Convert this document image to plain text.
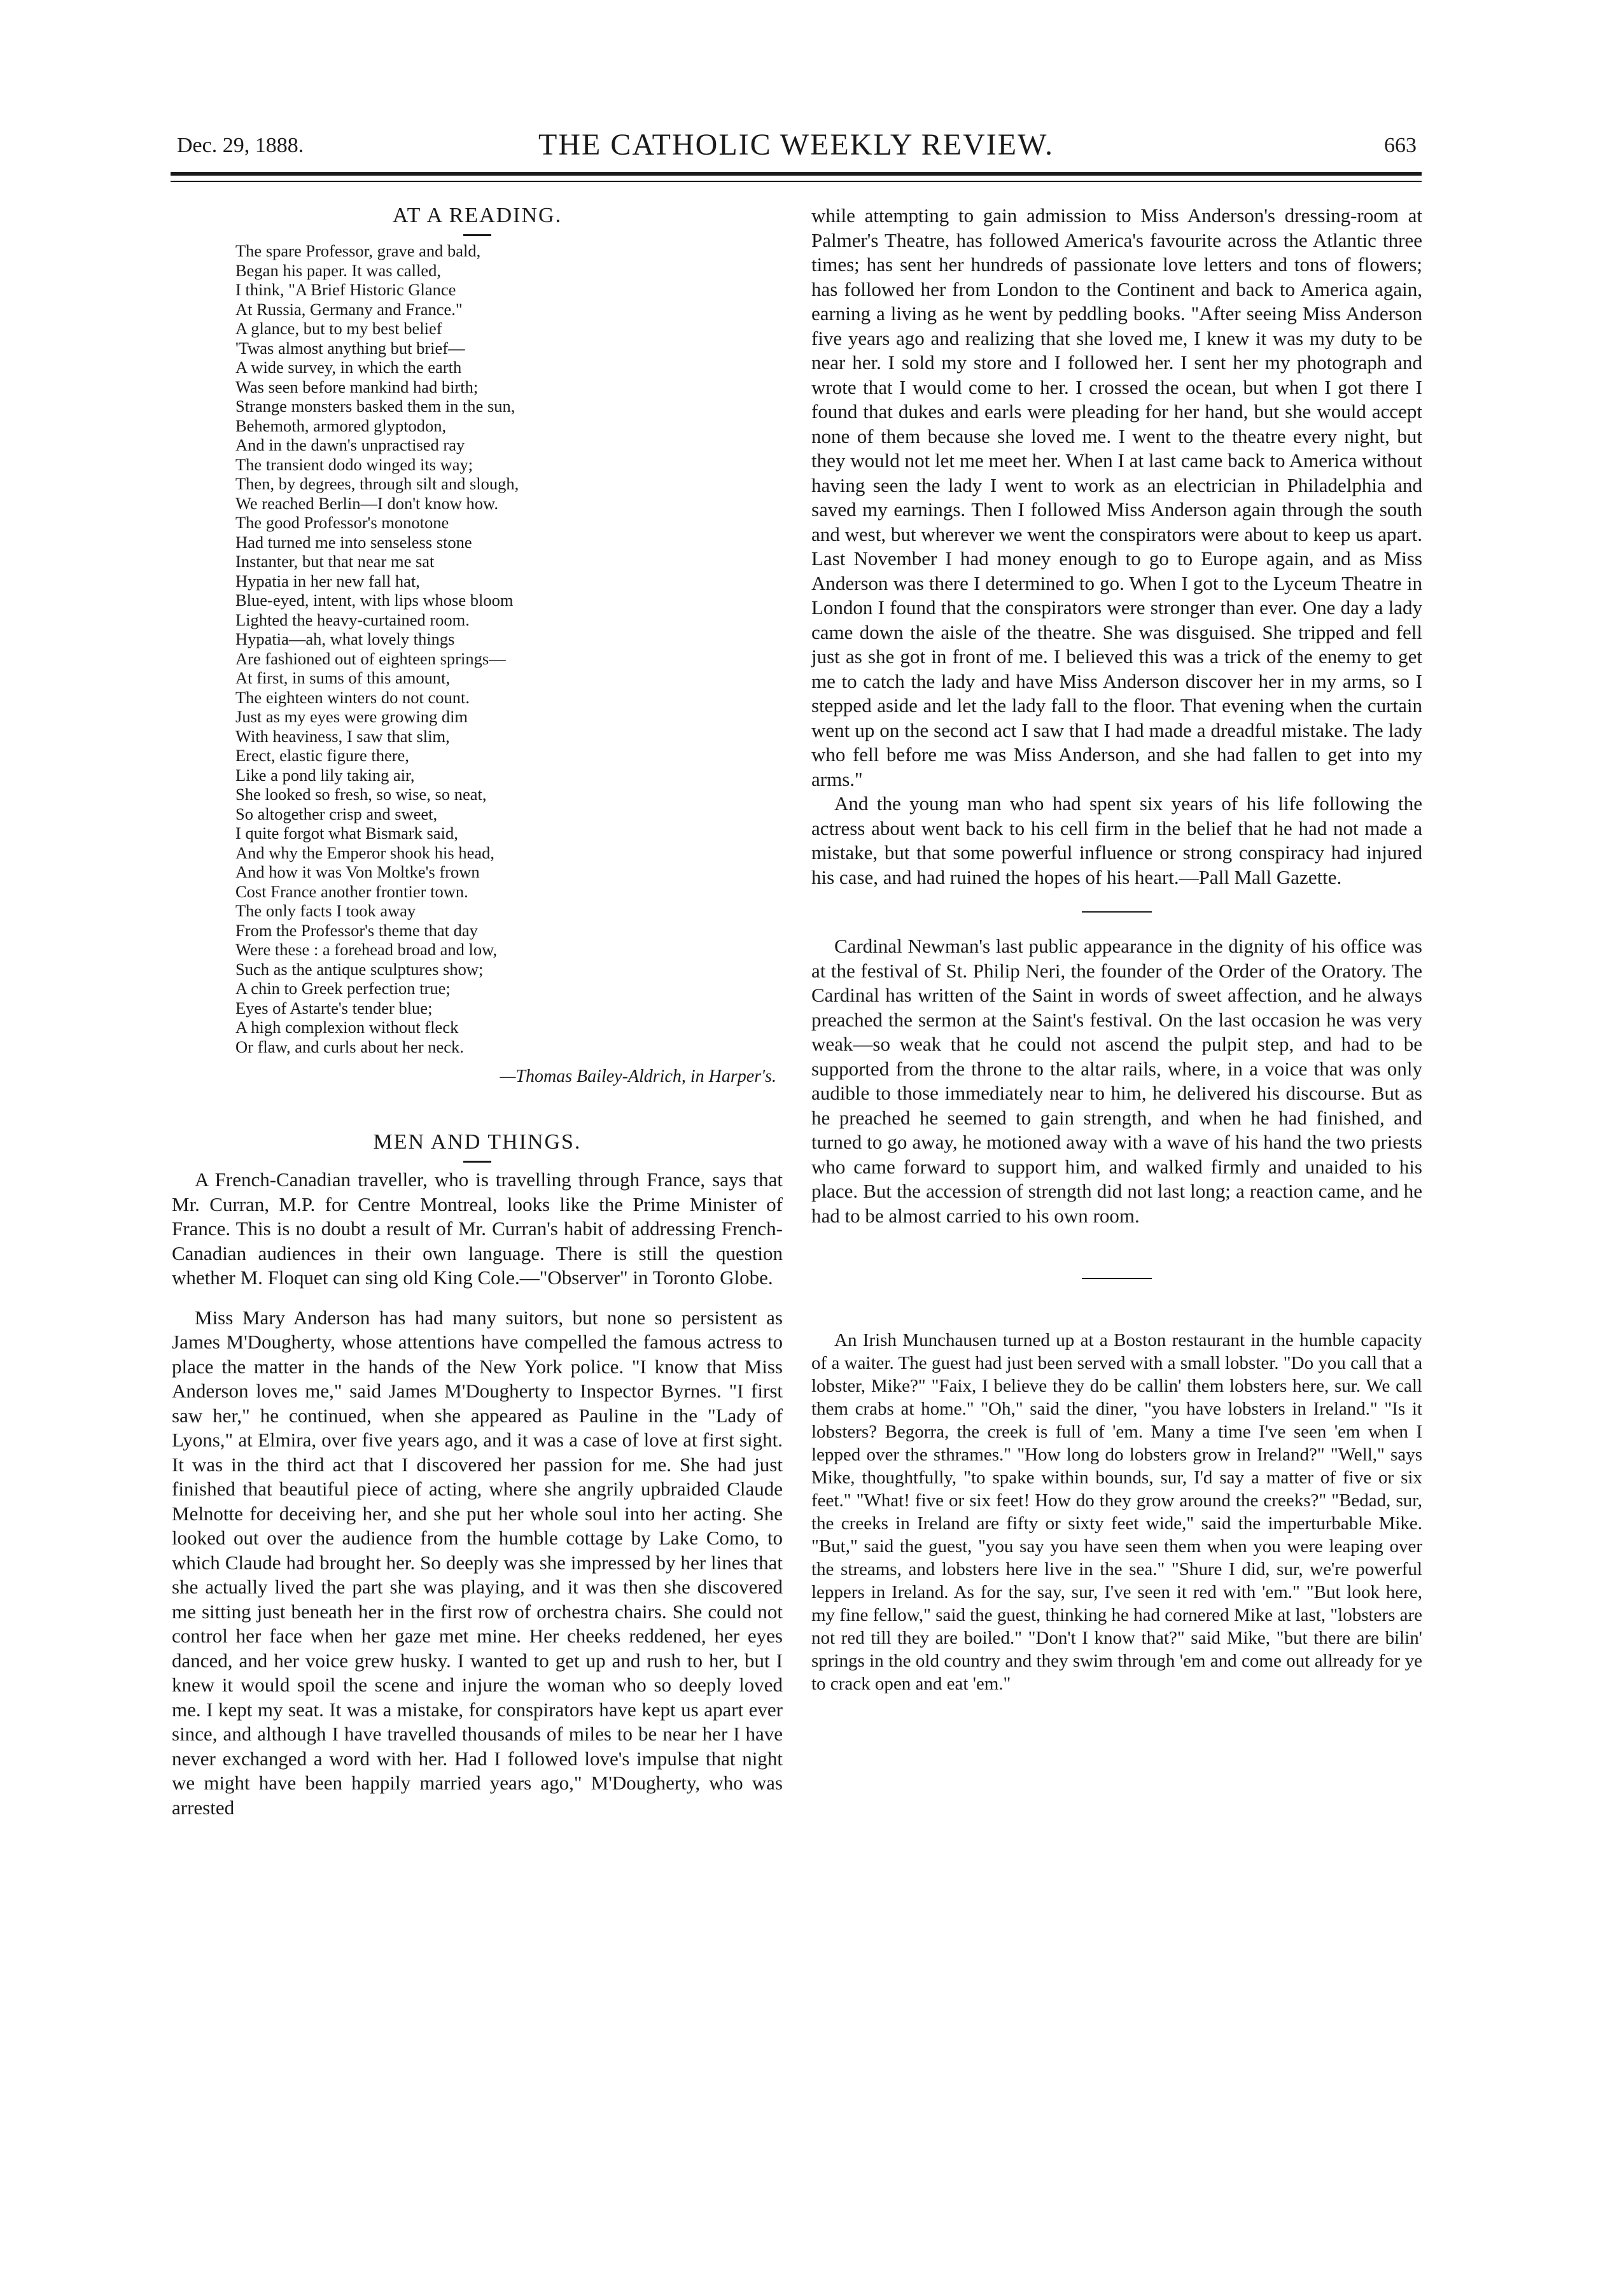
Dec. 29, 1888.	THE CATHOLIC WEEKLY REVIEW.	663
AT A READING.
The spare Professor, grave and bald,
Began his paper. It was called,
I think, "A Brief Historic Glance
At Russia, Germany and France."
A glance, but to my best belief
'Twas almost anything but brief—
A wide survey, in which the earth
Was seen before mankind had birth;
Strange monsters basked them in the sun,
Behemoth, armored glyptodon,
And in the dawn's unpractised ray
The transient dodo winged its way;
Then, by degrees, through silt and slough,
We reached Berlin—I don't know how.
The good Professor's monotone
Had turned me into senseless stone
Instanter, but that near me sat
Hypatia in her new fall hat,
Blue-eyed, intent, with lips whose bloom
Lighted the heavy-curtained room.
Hypatia—ah, what lovely things
Are fashioned out of eighteen springs—
At first, in sums of this amount,
The eighteen winters do not count.
Just as my eyes were growing dim
With heaviness, I saw that slim,
Erect, elastic figure there,
Like a pond lily taking air,
She looked so fresh, so wise, so neat,
So altogether crisp and sweet,
I quite forgot what Bismark said,
And why the Emperor shook his head,
And how it was Von Moltke's frown
Cost France another frontier town.
The only facts I took away
From the Professor's theme that day
Were these : a forehead broad and low,
Such as the antique sculptures show;
A chin to Greek perfection true;
Eyes of Astarte's tender blue;
A high complexion without fleck
Or flaw, and curls about her neck.
—Thomas Bailey-Aldrich, in Harper's.
MEN AND THINGS.

A French-Canadian traveller, who is travelling through France, says that Mr. Curran, M.P. for Centre Montreal, looks like the Prime Minister of France. This is no doubt a result of Mr. Curran's habit of addressing French-Canadian audiences in their own language. There is still the question whether M. Floquet can sing old King Cole.—"Observer" in Toronto Globe.

Miss Mary Anderson has had many suitors, but none so persistent as James M'Dougherty, whose attentions have compelled the famous actress to place the matter in the hands of the New York police. "I know that Miss Anderson loves me," said James M'Dougherty to Inspector Byrnes. "I first saw her," he continued, when she appeared as Pauline in the "Lady of Lyons," at Elmira, over five years ago, and it was a case of love at first sight. It was in the third act that I discovered her passion for me. She had just finished that beautiful piece of acting, where she angrily upbraided Claude Melnotte for deceiving her, and she put her whole soul into her acting. She looked out over the audience from the humble cottage by Lake Como, to which Claude had brought her. So deeply was she impressed by her lines that she actually lived the part she was playing, and it was then she discovered me sitting just beneath her in the first row of orchestra chairs. She could not control her face when her gaze met mine. Her cheeks reddened, her eyes danced, and her voice grew husky. I wanted to get up and rush to her, but I knew it would spoil the scene and injure the woman who so deeply loved me. I kept my seat. It was a mistake, for conspirators have kept us apart ever since, and although I have travelled thousands of miles to be near her I have never exchanged a word with her. Had I followed love's impulse that night we might have been happily married years ago," M'Dougherty, who was arrested

while attempting to gain admission to Miss Anderson's dressing-room at Palmer's Theatre, has followed America's favourite across the Atlantic three times; has sent her hundreds of passionate love letters and tons of flowers; has followed her from London to the Continent and back to America again, earning a living as he went by peddling books. "After seeing Miss Anderson five years ago and realizing that she loved me, I knew it was my duty to be near her. I sold my store and I followed her. I sent her my photograph and wrote that I would come to her. I crossed the ocean, but when I got there I found that dukes and earls were pleading for her hand, but she would accept none of them because she loved me. I went to the theatre every night, but they would not let me meet her. When I at last came back to America without having seen the lady I went to work as an electrician in Philadelphia and saved my earnings. Then I followed Miss Anderson again through the south and west, but wherever we went the conspirators were about to keep us apart. Last November I had money enough to go to Europe again, and as Miss Anderson was there I determined to go. When I got to the Lyceum Theatre in London I found that the conspirators were stronger than ever. One day a lady came down the aisle of the theatre. She was disguised. She tripped and fell just as she got in front of me. I believed this was a trick of the enemy to get me to catch the lady and have Miss Anderson discover her in my arms, so I stepped aside and let the lady fall to the floor. That evening when the curtain went up on the second act I saw that I had made a dreadful mistake. The lady who fell before me was Miss Anderson, and she had fallen to get into my arms."

And the young man who had spent six years of his life following the actress about went back to his cell firm in the belief that he had not made a mistake, but that some powerful influence or strong conspiracy had injured his case, and had ruined the hopes of his heart.—Pall Mall Gazette.

Cardinal Newman's last public appearance in the dignity of his office was at the festival of St. Philip Neri, the founder of the Order of the Oratory. The Cardinal has written of the Saint in words of sweet affection, and he always preached the sermon at the Saint's festival. On the last occasion he was very weak—so weak that he could not ascend the pulpit step, and had to be supported from the throne to the altar rails, where, in a voice that was only audible to those immediately near to him, he delivered his discourse. But as he preached he seemed to gain strength, and when he had finished, and turned to go away, he motioned away with a wave of his hand the two priests who came forward to support him, and walked firmly and unaided to his place. But the accession of strength did not last long; a reaction came, and he had to be almost carried to his own room.

An Irish Munchausen turned up at a Boston restaurant in the humble capacity of a waiter. The guest had just been served with a small lobster. "Do you call that a lobster, Mike?" "Faix, I believe they do be callin' them lobsters here, sur. We call them crabs at home." "Oh," said the diner, "you have lobsters in Ireland." "Is it lobsters? Begorra, the creek is full of 'em. Many a time I've seen 'em when I lepped over the sthrames." "How long do lobsters grow in Ireland?" "Well," says Mike, thoughtfully, "to spake within bounds, sur, I'd say a matter of five or six feet." "What! five or six feet! How do they grow around the creeks?" "Bedad, sur, the creeks in Ireland are fifty or sixty feet wide," said the imperturbable Mike. "But," said the guest, "you say you have seen them when you were leaping over the streams, and lobsters here live in the sea." "Shure I did, sur, we're powerful leppers in Ireland. As for the say, sur, I've seen it red with 'em." "But look here, my fine fellow," said the guest, thinking he had cornered Mike at last, "lobsters are not red till they are boiled." "Don't I know that?" said Mike, "but there are bilin' springs in the old country and they swim through 'em and come out allready for ye to crack open and eat 'em."
